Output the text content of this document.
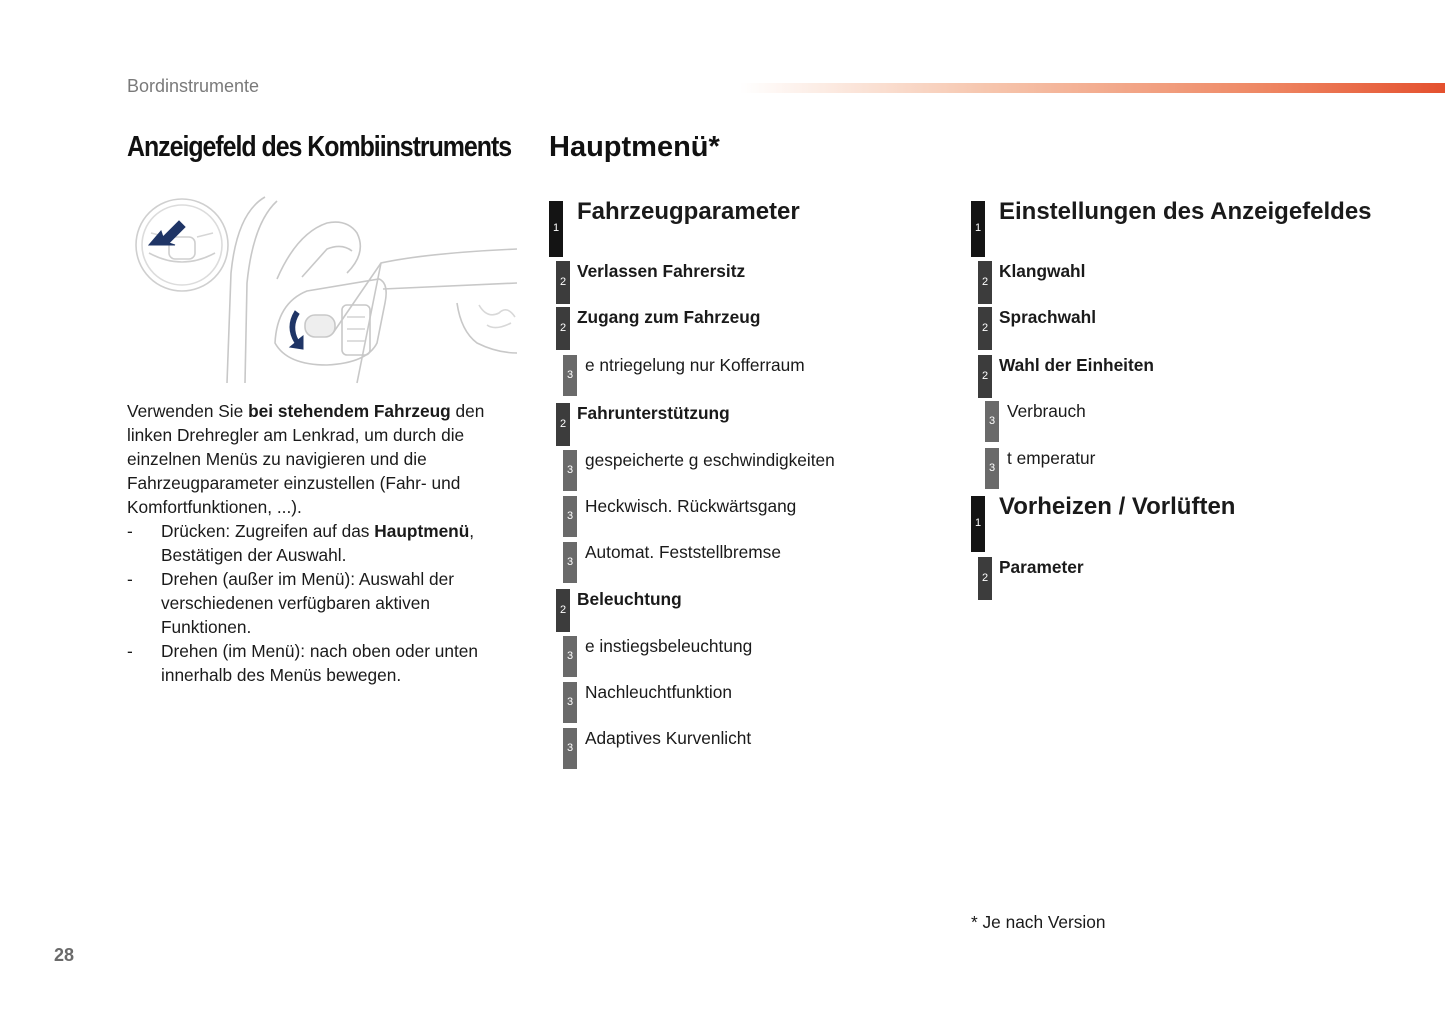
Bordinstrumente
Anzeigefeld des Kombiinstruments Hauptmenü*

Verwenden Sie bei stehendem Fahrzeug den linken Drehregler am Lenkrad, um durch die einzelnen Menüs zu navigieren und die Fahrzeugparameter einzustellen (Fahr- und Komfortfunktionen, ...).

- Drücken: Zugreifen auf das Hauptmenü, Bestätigen der Auswahl.
- Drehen (außer im Menü): Auswahl der verschiedenen verfügbaren aktiven Funktionen.
- Drehen (im Menü): nach oben oder unten innerhalb des Menüs bewegen.
1
Fahrzeugparameter
2
Verlassen Fahrersitz
2
Zugang zum Fahrzeug
3 e ntriegelung nur Kofferraum
2
Fahrunterstützung
3 gespeicherte g eschwindigkeiten
3 Heckwisch. Rückwärtsgang
3 Automat. Feststellbremse
2
Beleuchtung
3 e instiegsbeleuchtung
3 Nachleuchtfunktion
3 Adaptives Kurvenlicht
1
Einstellungen des Anzeigefeldes
2
Klangwahl
2
Sprachwahl
2
Wahl der Einheiten
3 Verbrauch
3 t emperatur
1
Vorheizen / Vorlüften
2
Parameter
* Je nach Version
28
